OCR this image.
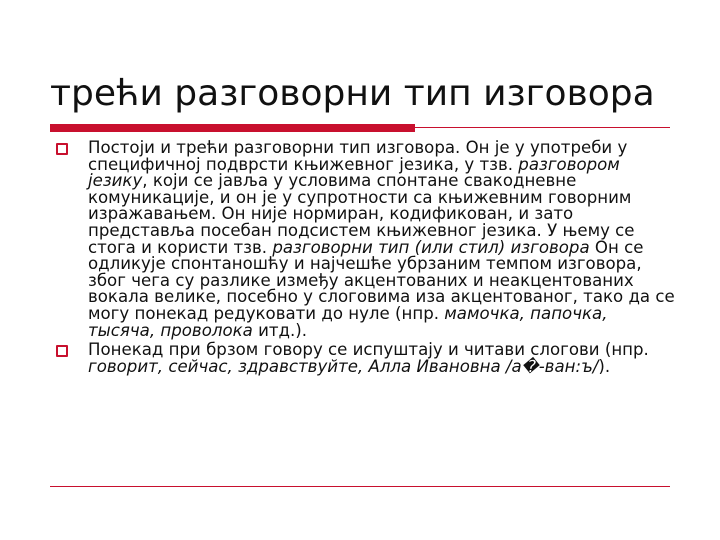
трећи разговорни тип изговора
Постоји и трећи разговорни тип изговора. Он је у употреби у специфичној подврсти књижевног језика, у тзв. разговором језику, који се јавља у условима спонтане свакодневне комуникације, и он је у супротности са књижевним говорним изражавањем. Он није нормиран, кодификован, и зато представља посебан подсистем књижевног језика. У њему се стога и користи тзв. разговорни тип (или стил) изговора Он се одликује спонтаношћу и најчешће убрзаним темпом изговора, због чега су разлике између акцентованих и неакцентованих вокала велике, посебно у слоговима иза акцентованог, тако да се могу понекад редуковати до нуле (нпр. мамочка, папочка, тысяча, проволока итд.).
Понекад при брзом говору се испуштају и читави слогови (нпр. говорит, сейчас, здравствуйте, Алла Ивановна /а�-ван:ъ/).
